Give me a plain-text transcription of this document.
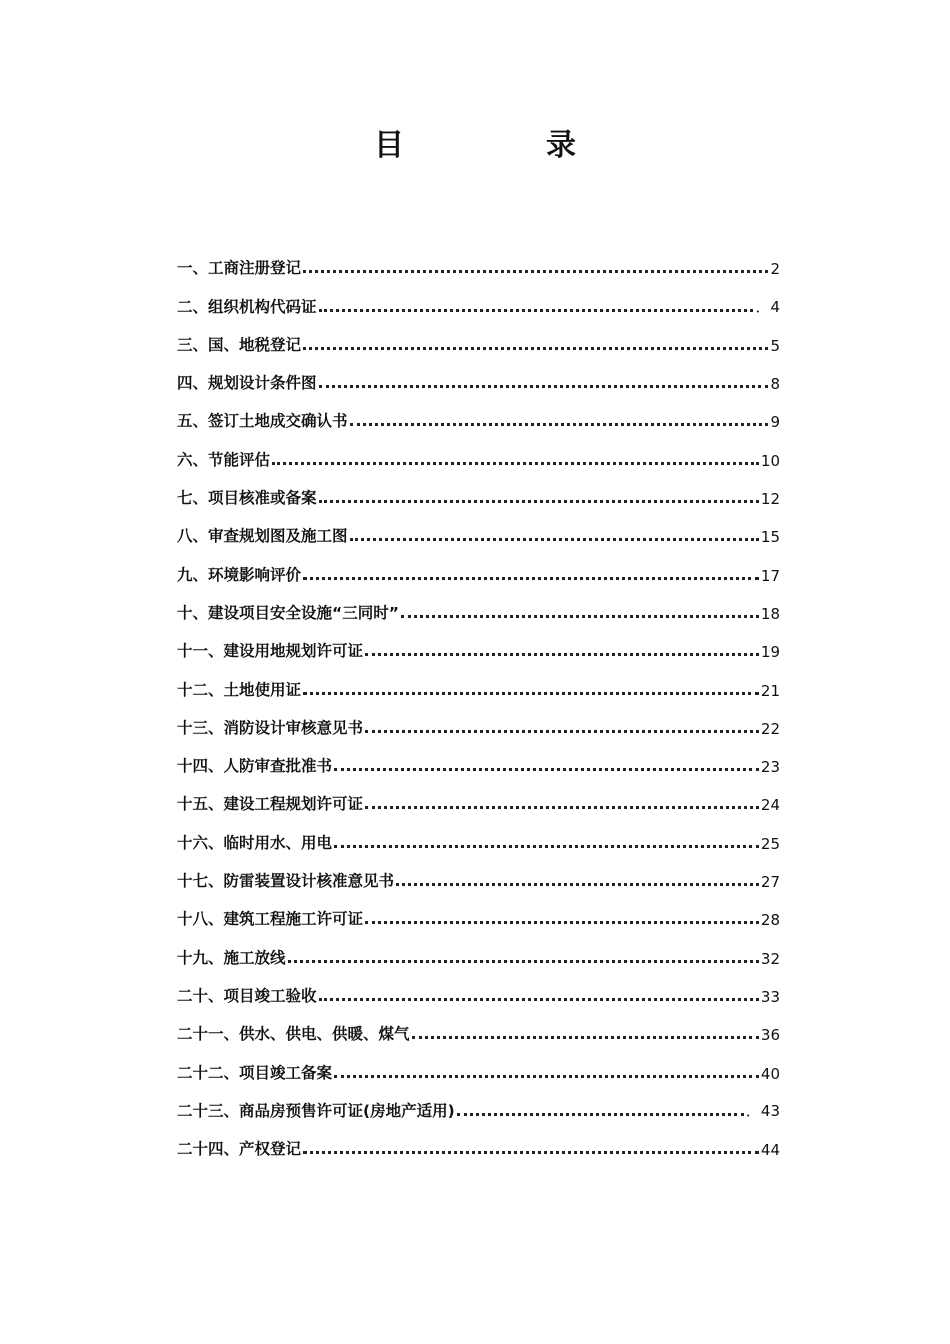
目　录
一、工商注册登记	2
二、组织机构代码证	．4
三、国、地税登记	5
四、规划设计条件图	8
五、签订土地成交确认书	9
六、节能评估	10
七、项目核准或备案	12
八、审查规划图及施工图	15
九、环境影响评价	17
十、建设项目安全设施“三同时”	18
十一、建设用地规划许可证	19
十二、土地使用证	21
十三、消防设计审核意见书	22
十四、人防审查批准书	23
十五、建设工程规划许可证	24
十六、临时用水、用电	25
十七、防雷装置设计核准意见书	27
十八、建筑工程施工许可证	28
十九、施工放线	32
二十、项目竣工验收	33
二十一、供水、供电、供暖、煤气	36
二十二、项目竣工备案	40
二十三、商品房预售许可证(房地产适用)	．43
二十四、产权登记	44
